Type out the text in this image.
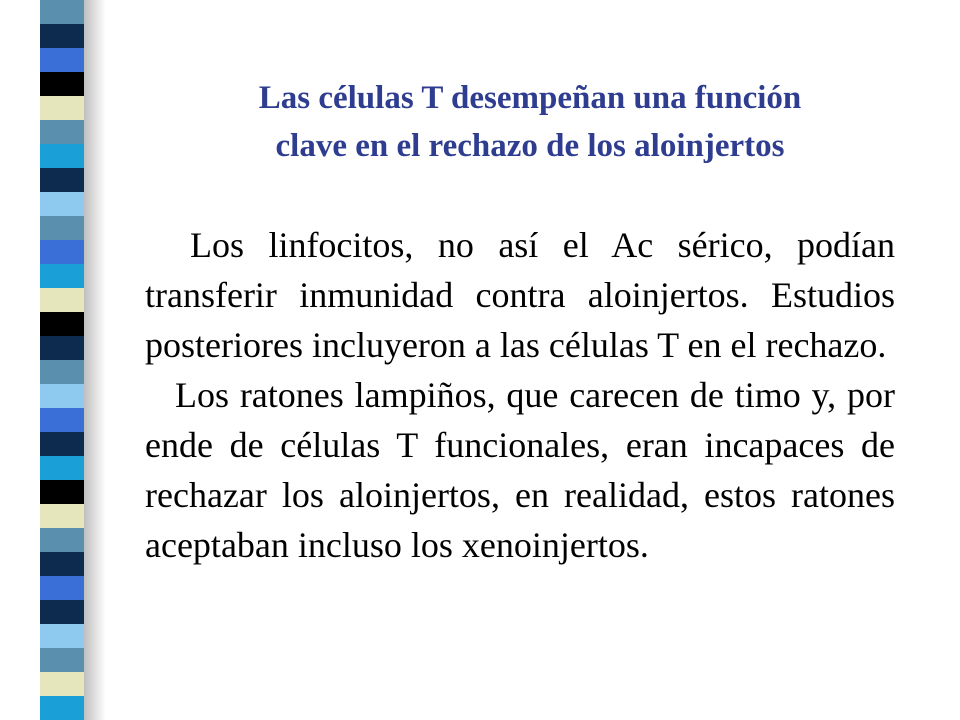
Las células T desempeñan una función
clave en el rechazo de los aloinjertos

Los linfocitos, no así el Ac sérico, podían transferir inmunidad contra aloinjertos. Estudios posteriores incluyeron a las células T en el rechazo.

Los ratones lampiños, que carecen de timo y, por ende de células T funcionales, eran incapaces de rechazar los aloinjertos, en realidad, estos ratones aceptaban incluso los xenoinjertos.
